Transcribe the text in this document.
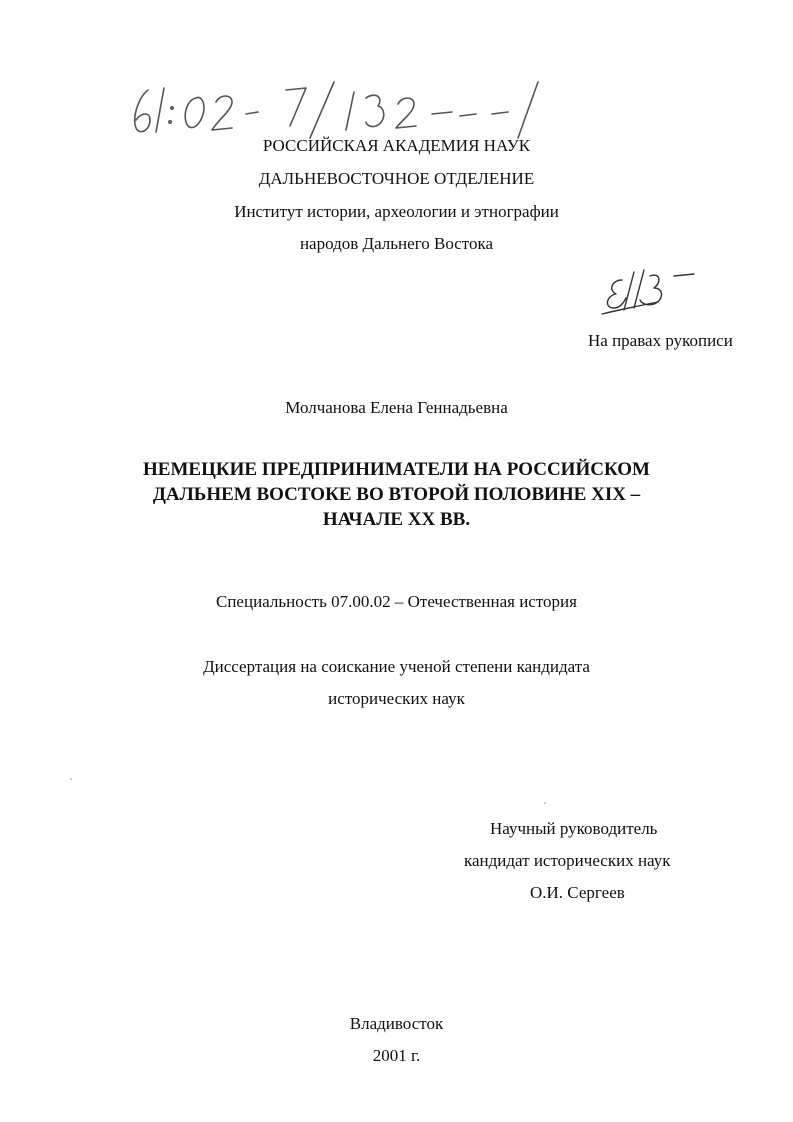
РОССИЙСКАЯ АКАДЕМИЯ НАУК
ДАЛЬНЕВОСТОЧНОЕ ОТДЕЛЕНИЕ
Институт истории, археологии и этнографии
народов Дальнего Востока
На правах рукописи
Молчанова Елена Геннадьевна
НЕМЕЦКИЕ ПРЕДПРИНИМАТЕЛИ НА РОССИЙСКОМ
ДАЛЬНЕМ ВОСТОКЕ ВО ВТОРОЙ ПОЛОВИНЕ XIX –
НАЧАЛЕ XX ВВ.
Специальность 07.00.02 – Отечественная история
Диссертация на соискание ученой степени кандидата
исторических наук
Научный руководитель
кандидат исторических наук
О.И. Сергеев
Владивосток
2001 г.
